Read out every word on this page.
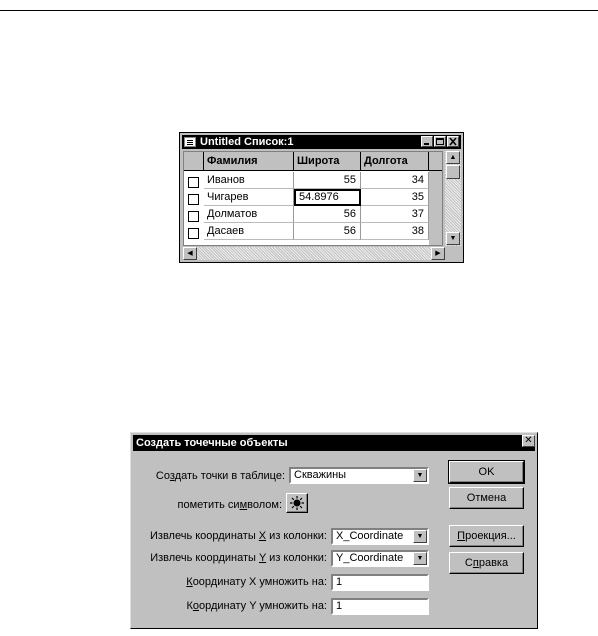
Untitled Список:1
Фамилия	Широта	Долгота
Иванов	55	34
Чигарев	54.8976	35
Долматов	56	37
Дасаев	56	38
▲
▼
◀	▶
Создать точечные объекты	✕
Создать точки в таблице: Скважины	▼
пометить символом:
Извлечь координаты X из колонки: X_Coordinate	▼
Извлечь координаты Y из колонки: Y_Coordinate	▼
Координату X умножить на: 1
Координату Y умножить на: 1
OK
Отмена
Проекция...
Справка
